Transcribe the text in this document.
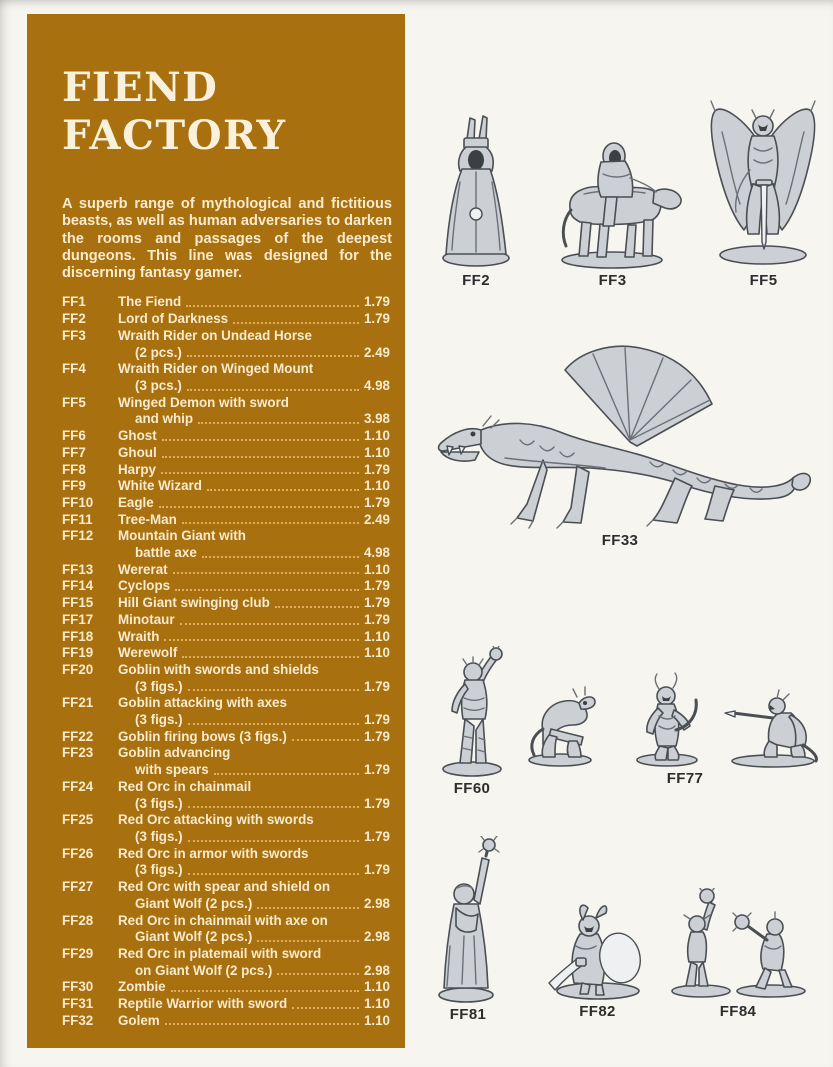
FIEND
FACTORY

A superb range of mythological and fictitious beasts, as well as human adversaries to darken the rooms and passages of the deepest dungeons. This line was designed for the discerning fantasy gamer.

FF1	The Fiend	1.79
FF2	Lord of Darkness	1.79
FF3	Wraith Rider on Undead Horse
(2 pcs.)	2.49
FF4	Wraith Rider on Winged Mount
(3 pcs.)	4.98
FF5	Winged Demon with sword
and whip	3.98
FF6	Ghost	1.10
FF7	Ghoul	1.10
FF8	Harpy	1.79
FF9	White Wizard	1.10
FF10	Eagle	1.79
FF11	Tree-Man	2.49
FF12	Mountain Giant with
battle axe	4.98
FF13	Wererat	1.10
FF14	Cyclops	1.79
FF15	Hill Giant swinging club	1.79
FF17	Minotaur	1.79
FF18	Wraith	1.10
FF19	Werewolf	1.10
FF20	Goblin with swords and shields
(3 figs.)	1.79
FF21	Goblin attacking with axes
(3 figs.)	1.79
FF22	Goblin firing bows (3 figs.)	1.79
FF23	Goblin advancing
with spears	1.79
FF24	Red Orc in chainmail
(3 figs.)	1.79
FF25	Red Orc attacking with swords
(3 figs.)	1.79
FF26	Red Orc in armor with swords
(3 figs.)	1.79
FF27	Red Orc with spear and shield on
Giant Wolf (2 pcs.)	2.98
FF28	Red Orc in chainmail with axe on
Giant Wolf (2 pcs.)	2.98
FF29	Red Orc in platemail with sword
on Giant Wolf (2 pcs.)	2.98
FF30	Zombie	1.10
FF31	Reptile Warrior with sword	1.10
FF32	Golem	1.10
FF2	FF3	FF5
FF33
FF60
FF77
FF81	FF82	FF84
